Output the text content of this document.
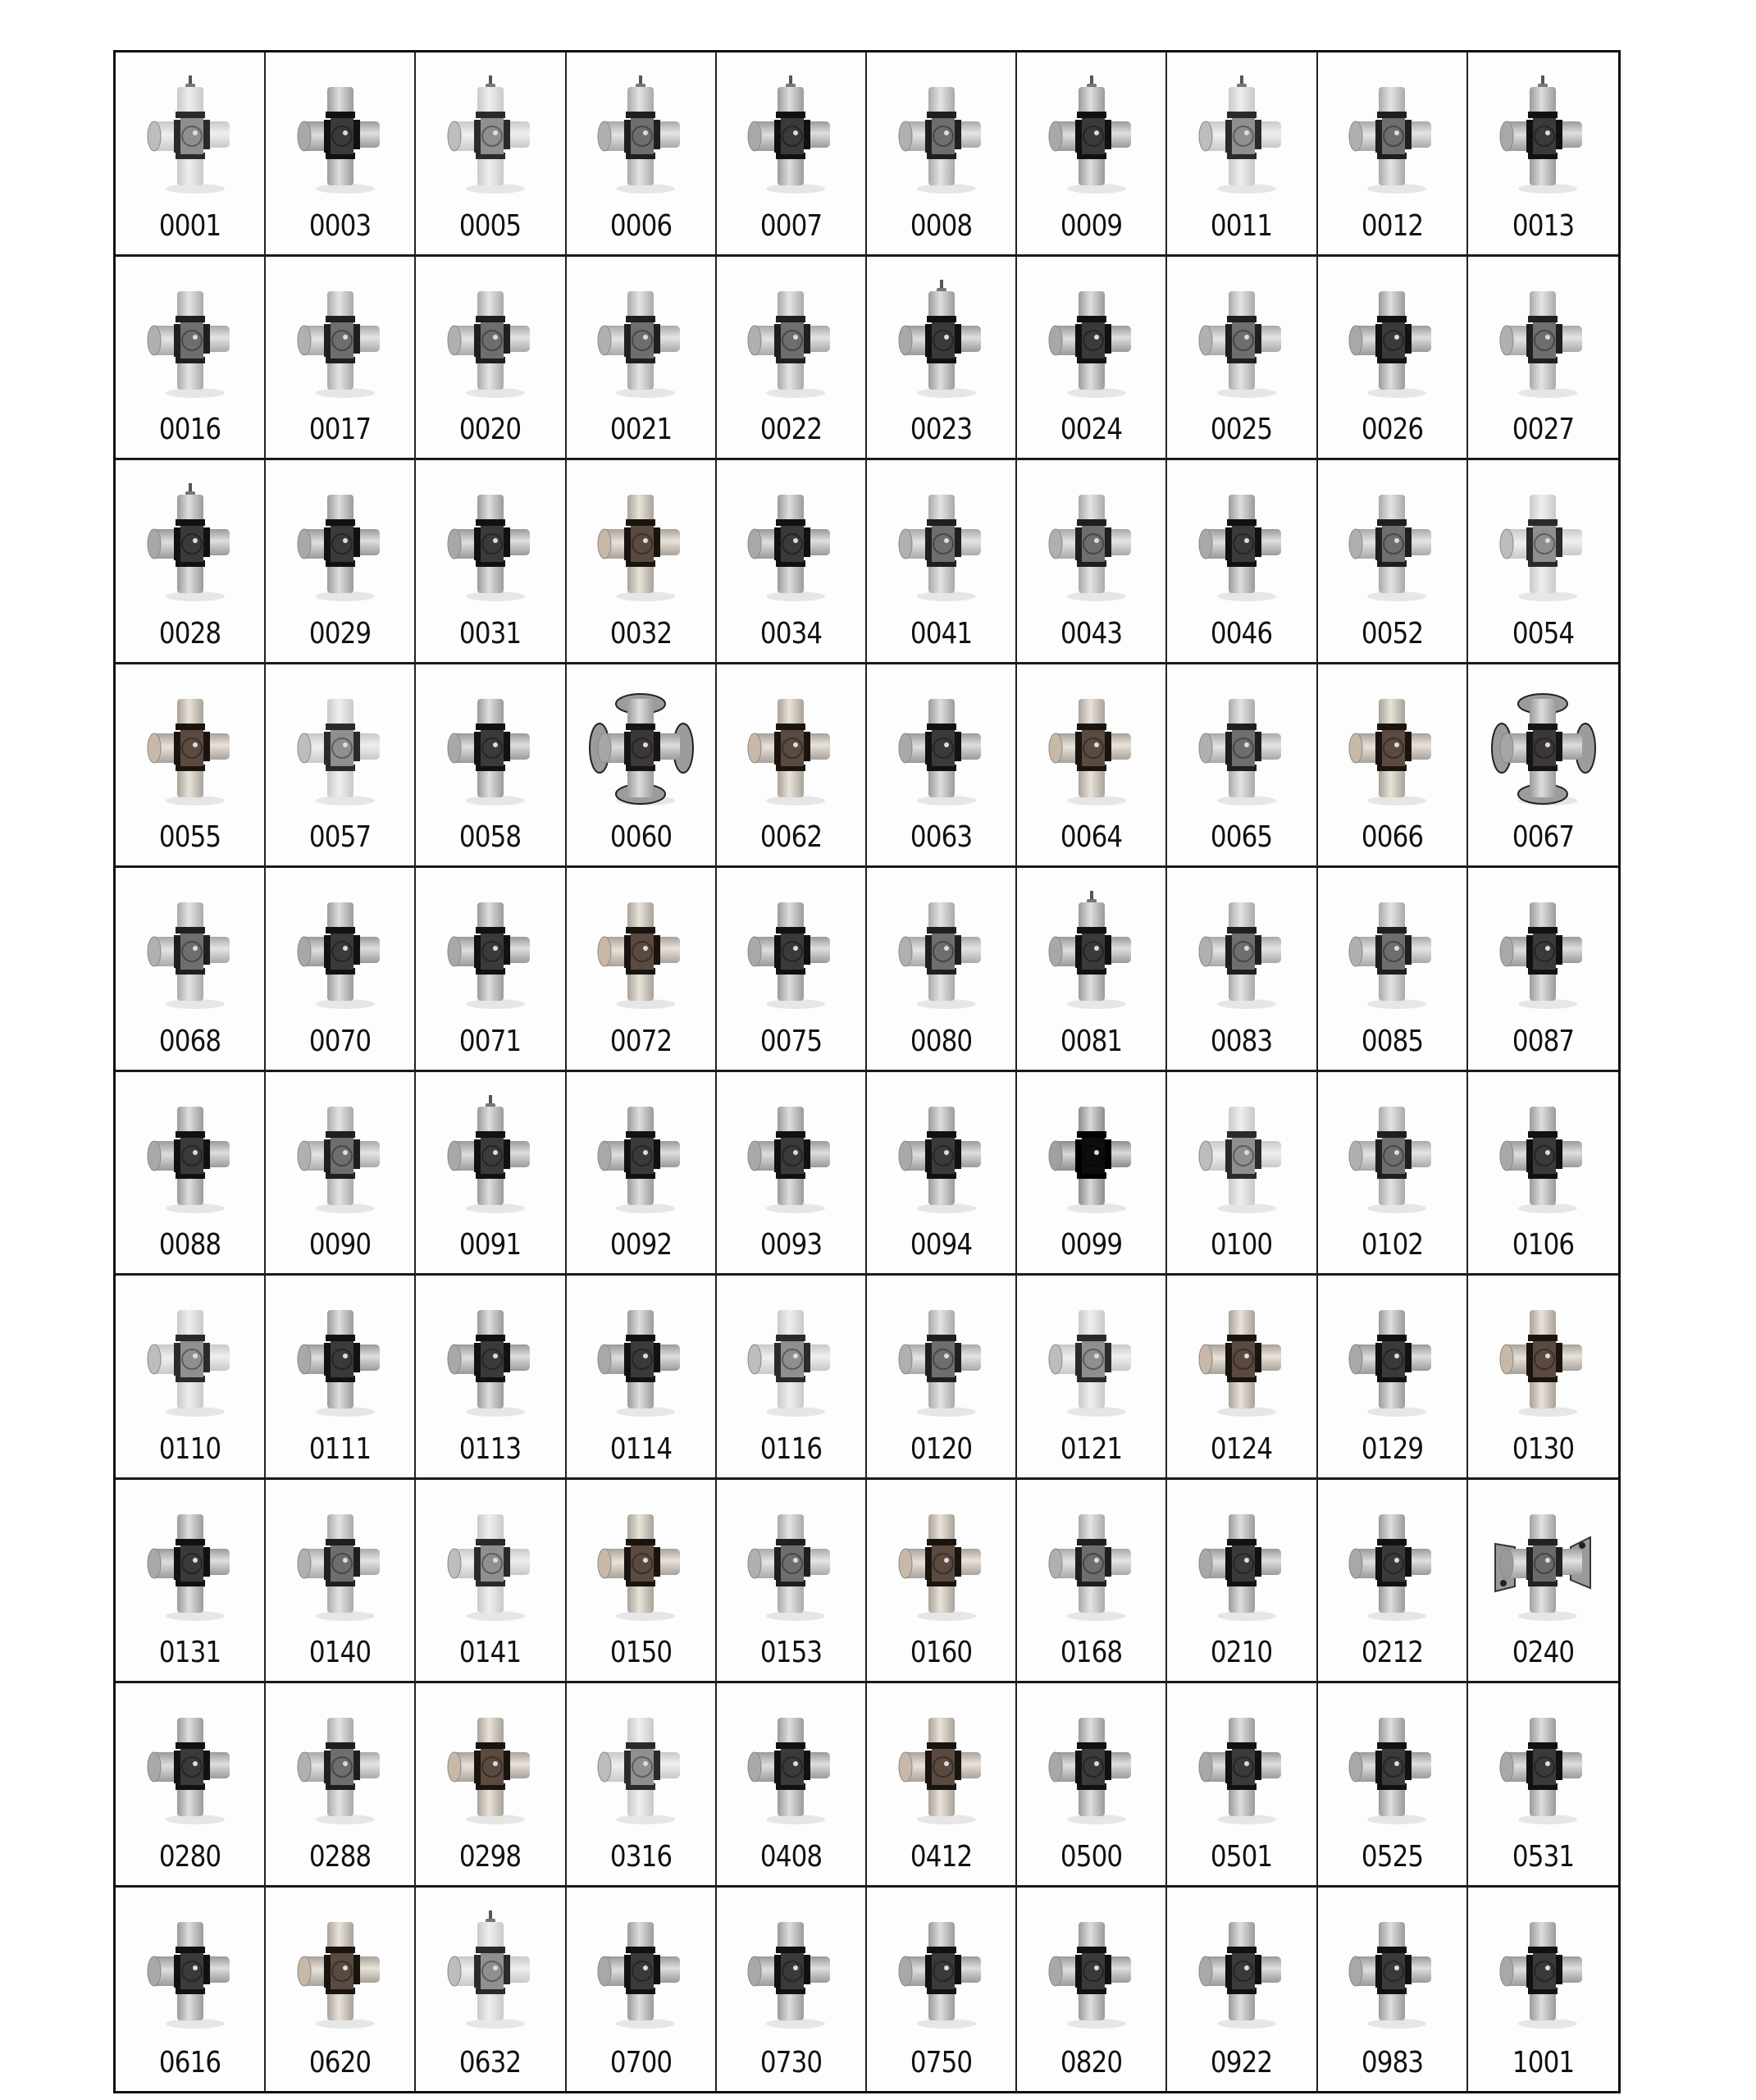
0001	0003	0005	0006	0007	0008	0009	0011	0012	0013
0016	0017	0020	0021	0022	0023	0024	0025	0026	0027
0028	0029	0031	0032	0034	0041	0043	0046	0052	0054
0055	0057	0058	0060	0062	0063	0064	0065	0066	0067
0068	0070	0071	0072	0075	0080	0081	0083	0085	0087
0088	0090	0091	0092	0093	0094	0099	0100	0102	0106
0110	0111	0113	0114	0116	0120	0121	0124	0129	0130
0131	0140	0141	0150	0153	0160	0168	0210	0212	0240
0280	0288	0298	0316	0408	0412	0500	0501	0525	0531
0616	0620	0632	0700	0730	0750	0820	0922	0983	1001
